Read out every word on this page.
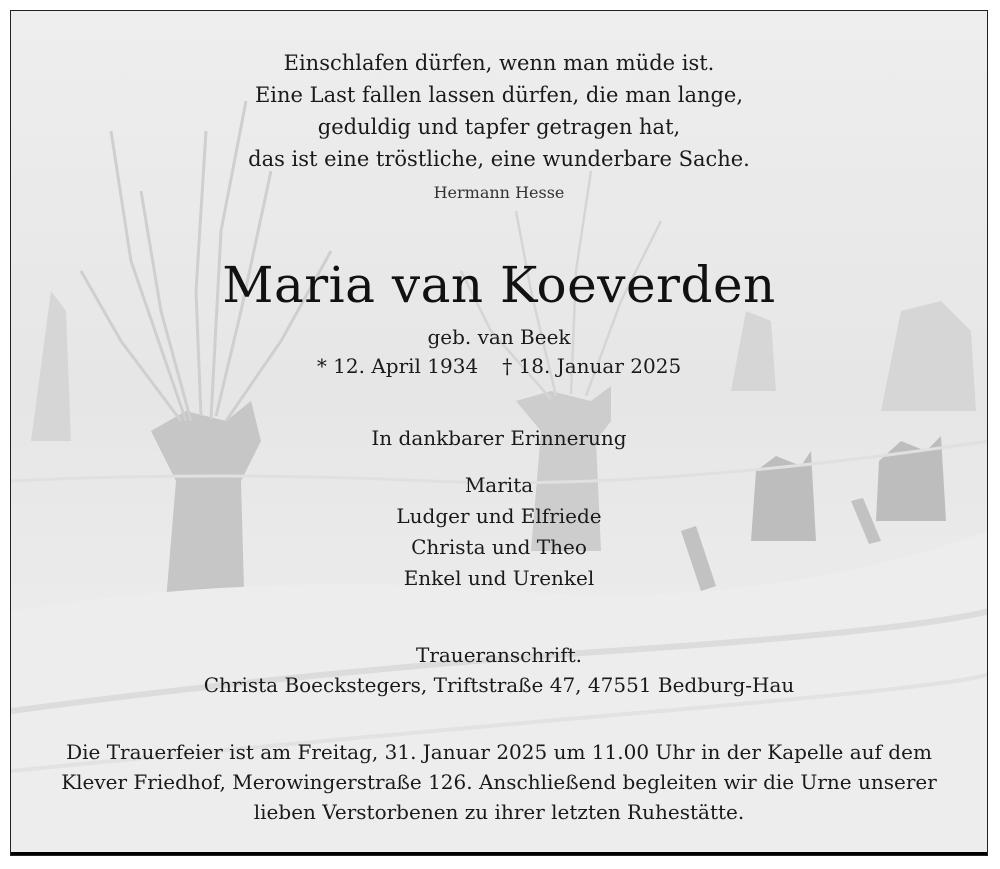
Einschlafen dürfen, wenn man müde ist.
Eine Last fallen lassen dürfen, die man lange,
geduldig und tapfer getragen hat,
das ist eine tröstliche, eine wunderbare Sache.
Hermann Hesse
Maria van Koeverden
geb. van Beek
* 12. April 1934 † 18. Januar 2025
In dankbarer Erinnerung
Marita
Ludger und Elfriede
Christa und Theo
Enkel und Urenkel
Traueranschrift.
Christa Boeckstegers, Triftstraße 47, 47551 Bedburg-Hau
Die Trauerfeier ist am Freitag, 31. Januar 2025 um 11.00 Uhr in der Kapelle auf dem
Klever Friedhof, Merowingerstraße 126. Anschließend begleiten wir die Urne unserer
lieben Verstorbenen zu ihrer letzten Ruhestätte.
